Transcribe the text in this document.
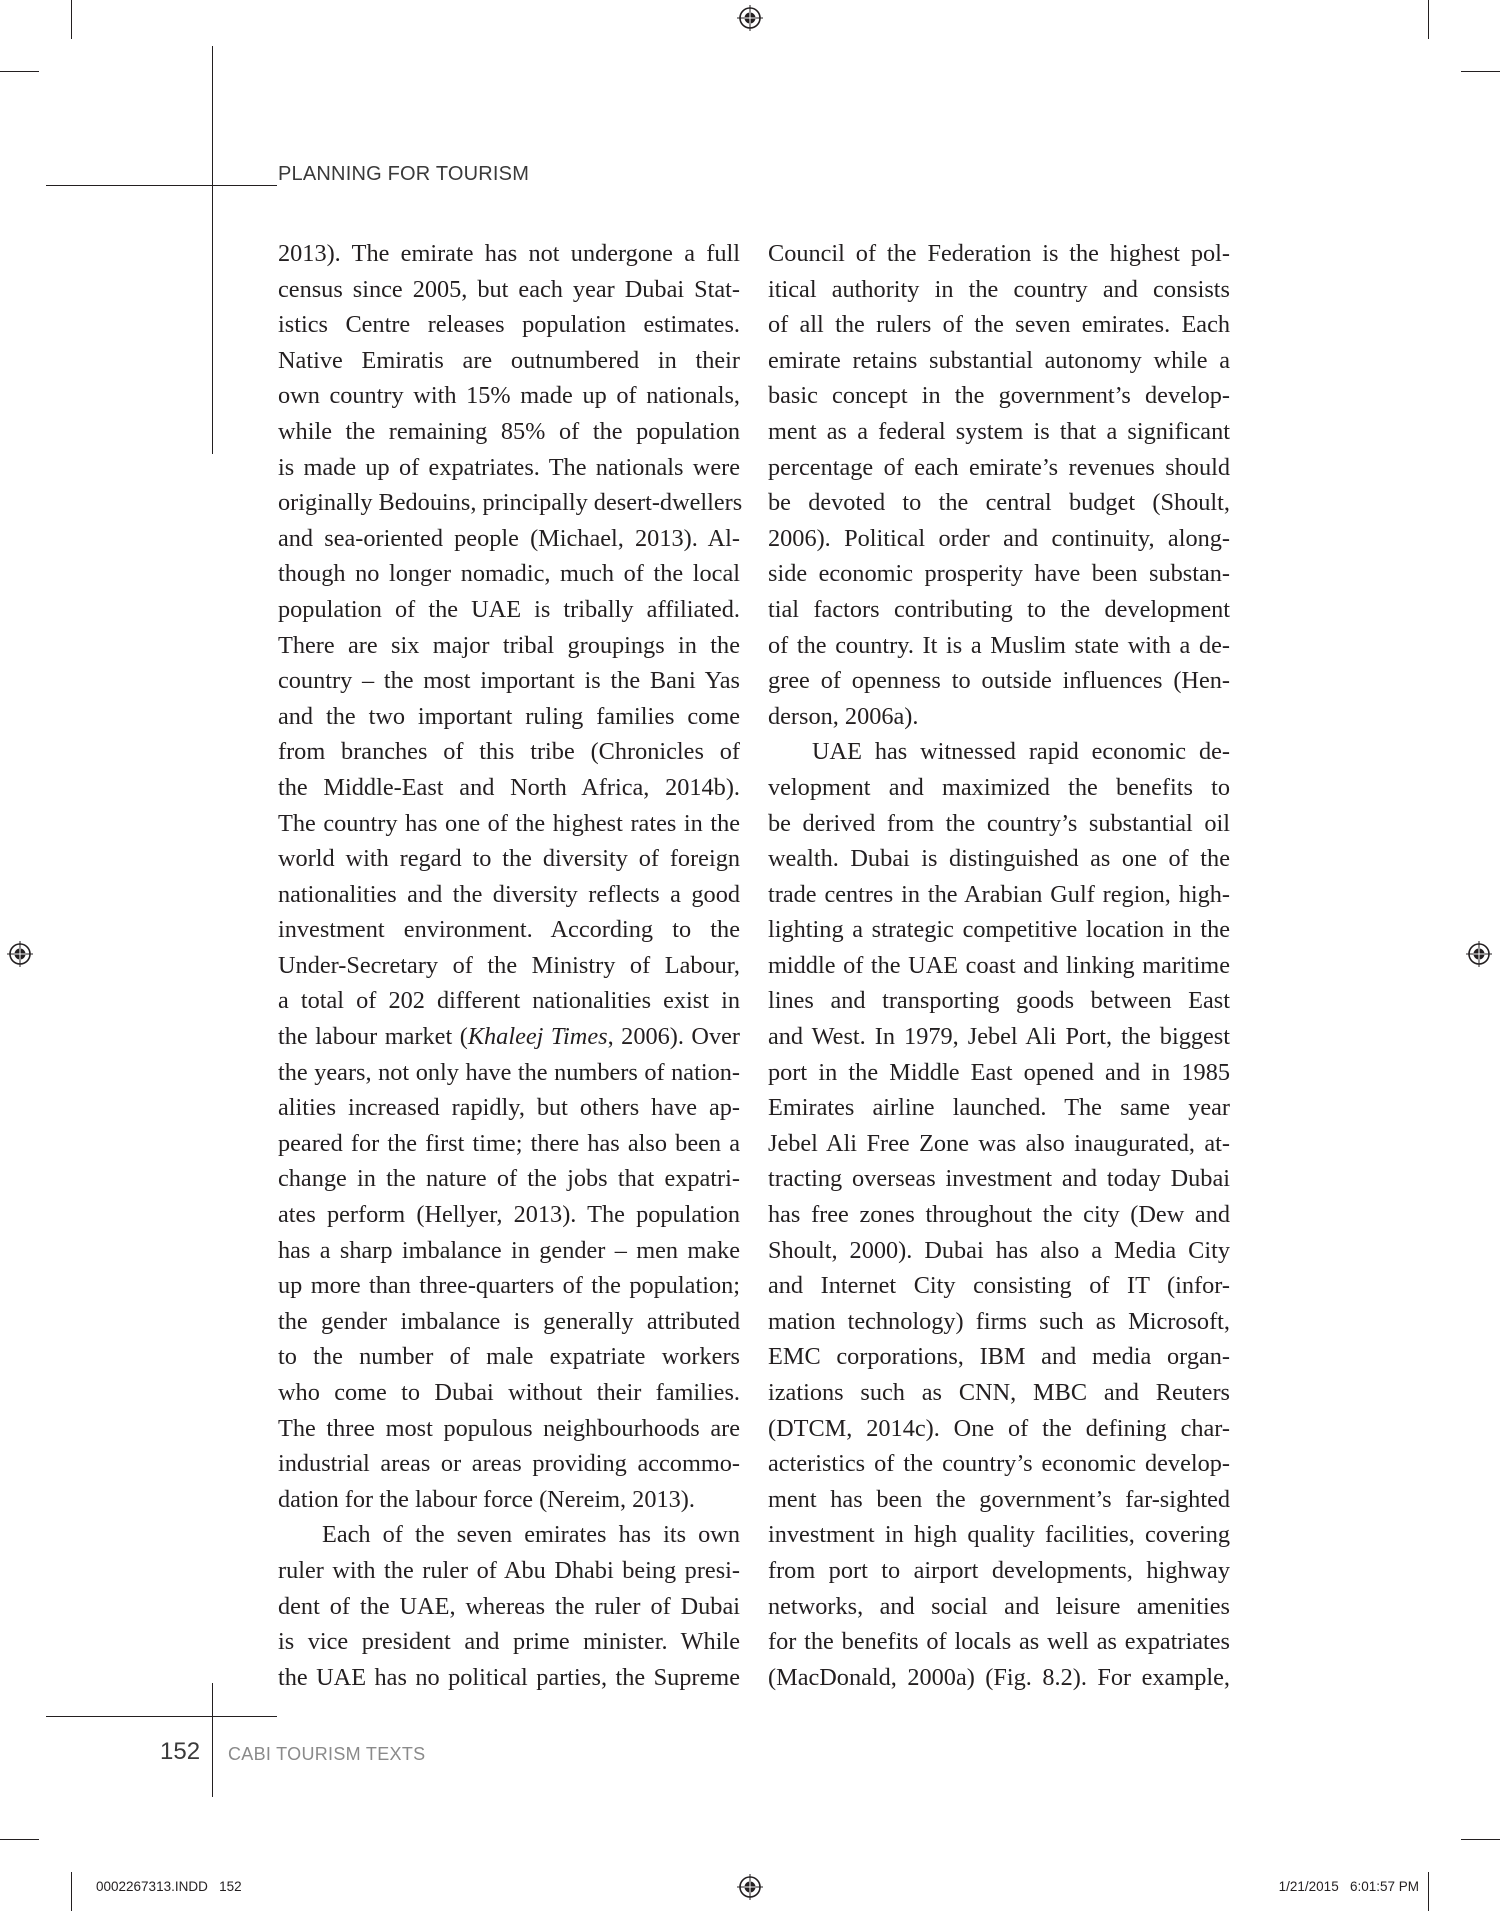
PLANNING FOR TOURISM
2013). The emirate has not undergone a full
census since 2005, but each year Dubai Stat-
istics Centre releases population estimates.
Native Emiratis are outnumbered in their
own country with 15% made up of nationals,
while the remaining 85% of the population
is made up of expatriates. The nationals were
originally Bedouins, principally desert-dwellers
and sea-oriented people (Michael, 2013). Al-
though no longer nomadic, much of the local
population of the UAE is tribally affiliated.
There are six major tribal groupings in the
country – the most important is the Bani Yas
and the two important ruling families come
from branches of this tribe (Chronicles of
the Middle-East and North Africa, 2014b).
The country has one of the highest rates in the
world with regard to the diversity of foreign
nationalities and the diversity reflects a good
investment environment. According to the
Under-Secretary of the Ministry of Labour,
a total of 202 different nationalities exist in
the labour market (Khaleej Times, 2006). Over
the years, not only have the numbers of nation-
alities increased rapidly, but others have ap-
peared for the first time; there has also been a
change in the nature of the jobs that expatri-
ates perform (Hellyer, 2013). The population
has a sharp imbalance in gender – men make
up more than three-quarters of the population;
the gender imbalance is generally attributed
to the number of male expatriate workers
who come to Dubai without their families.
The three most populous neighbourhoods are
industrial areas or areas providing accommo-
dation for the labour force (Nereim, 2013).
Each of the seven emirates has its own
ruler with the ruler of Abu Dhabi being presi-
dent of the UAE, whereas the ruler of Dubai
is vice president and prime minister. While
the UAE has no political parties, the Supreme
Council of the Federation is the highest pol-
itical authority in the country and consists
of all the rulers of the seven emirates. Each
emirate retains substantial autonomy while a
basic concept in the government’s develop-
ment as a federal system is that a significant
percentage of each emirate’s revenues should
be devoted to the central budget (Shoult,
2006). Political order and continuity, along-
side economic prosperity have been substan-
tial factors contributing to the development
of the country. It is a Muslim state with a de-
gree of openness to outside influences (Hen-
derson, 2006a).
UAE has witnessed rapid economic de-
velopment and maximized the benefits to
be derived from the country’s substantial oil
wealth. Dubai is distinguished as one of the
trade centres in the Arabian Gulf region, high-
lighting a strategic competitive location in the
middle of the UAE coast and linking maritime
lines and transporting goods between East
and West. In 1979, Jebel Ali Port, the biggest
port in the Middle East opened and in 1985
Emirates airline launched. The same year
Jebel Ali Free Zone was also inaugurated, at-
tracting overseas investment and today Dubai
has free zones throughout the city (Dew and
Shoult, 2000). Dubai has also a Media City
and Internet City consisting of IT (infor-
mation technology) firms such as Microsoft,
EMC corporations, IBM and media organ-
izations such as CNN, MBC and Reuters
(DTCM, 2014c). One of the defining char-
acteristics of the country’s economic develop-
ment has been the government’s far-sighted
investment in high quality facilities, covering
from port to airport developments, highway
networks, and social and leisure amenities
for the benefits of locals as well as expatriates
(MacDonald, 2000a) (Fig. 8.2). For example,
152 CABI TOURISM TEXTS
0002267313.INDD   152	1/21/2015   6:01:57 PM
